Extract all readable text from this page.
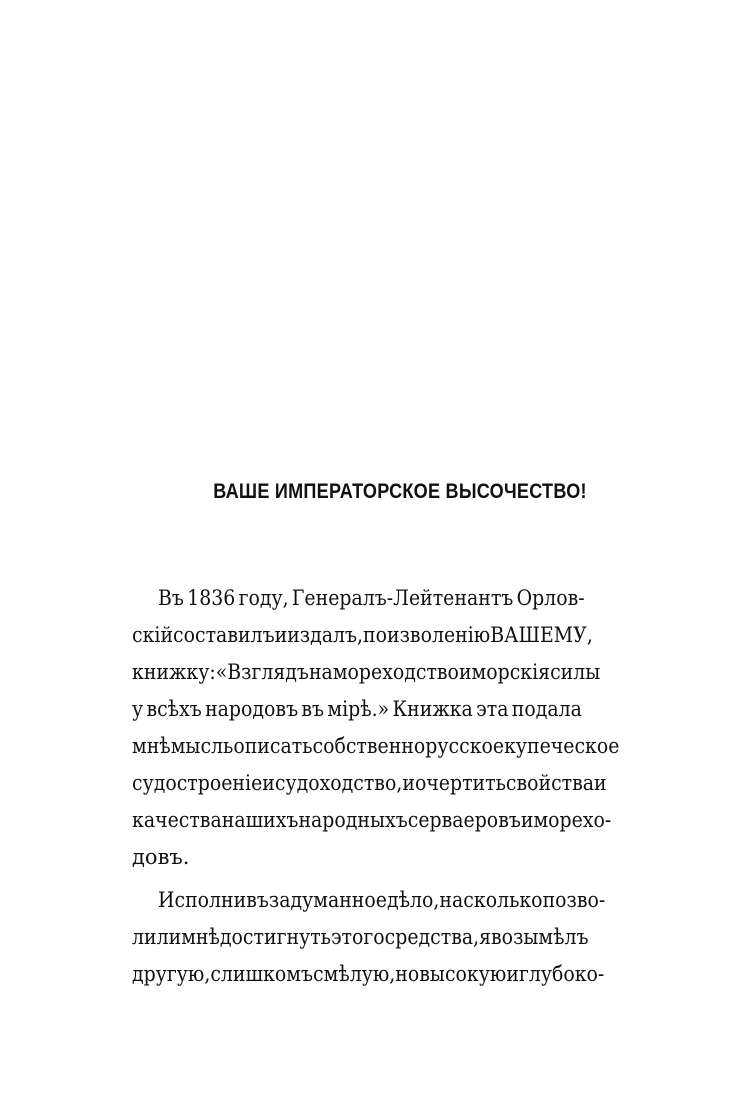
ВАШЕ ИМПЕРАТОРСКОЕ ВЫСОЧЕСТВО!
Въ 1836 году, Генералъ-Лейтенантъ Орлов-
скій составилъ и издалъ, по изволенію ВАШЕМУ,
книжку: «Взглядъ на мореходство и морскія силы
у всѣхъ народовъ въ мірѣ.» Книжка эта подала
мнѣ мысль описать собственно русское купеческое
судостроеніе и судоходство, и очертить свойства и
качества нашихъ народныхъ серваеровъ и морехо-
довъ.
Исполнивъ задуманное дѣло, на сколько позво-
лили мнѣ достигнуть этого средства, я возымѣлъ
другую, слишкомъ смѣлую, но высокую и глубоко-
